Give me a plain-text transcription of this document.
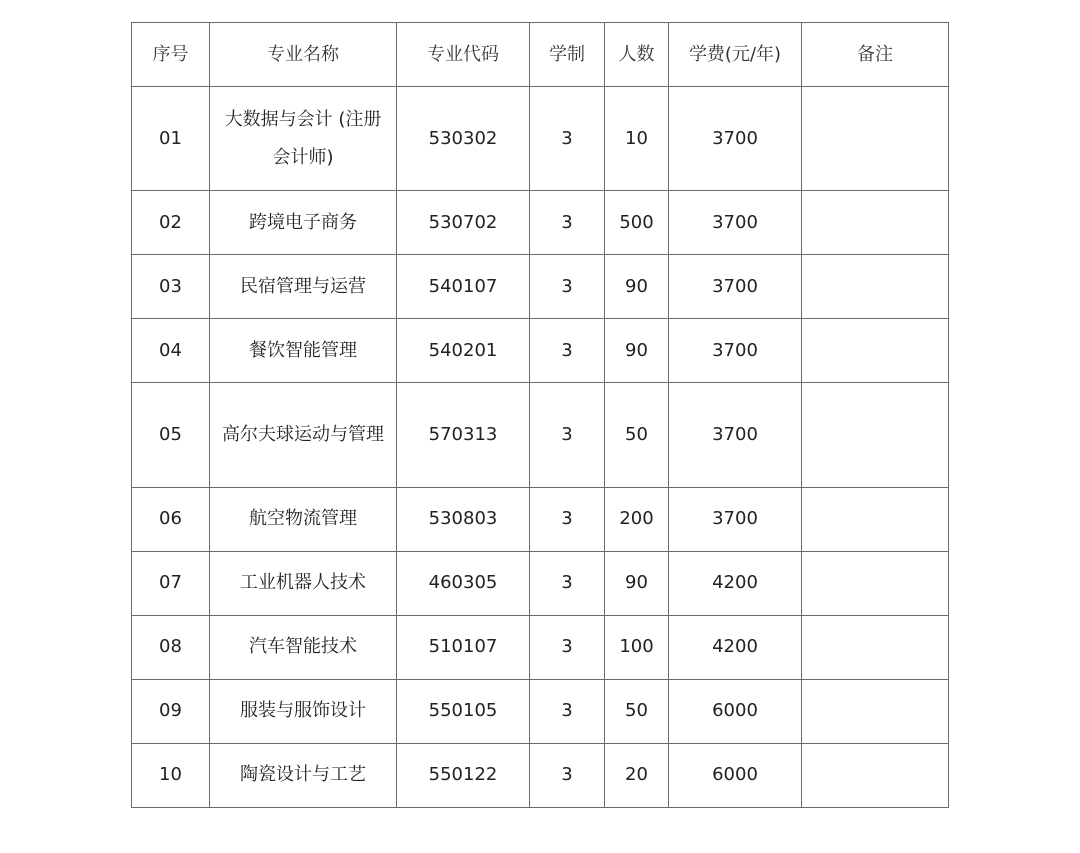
序号	专业名称	专业代码	学制	人数	学费(元/年)	备注
01	大数据与会计 (注册会计师)	530302	3	10	3700	
02	跨境电子商务	530702	3	500	3700	
03	民宿管理与运营	540107	3	90	3700	
04	餐饮智能管理	540201	3	90	3700	
05	高尔夫球运动与管理	570313	3	50	3700	
06	航空物流管理	530803	3	200	3700	
07	工业机器人技术	460305	3	90	4200	
08	汽车智能技术	510107	3	100	4200	
09	服装与服饰设计	550105	3	50	6000	
10	陶瓷设计与工艺	550122	3	20	6000	
